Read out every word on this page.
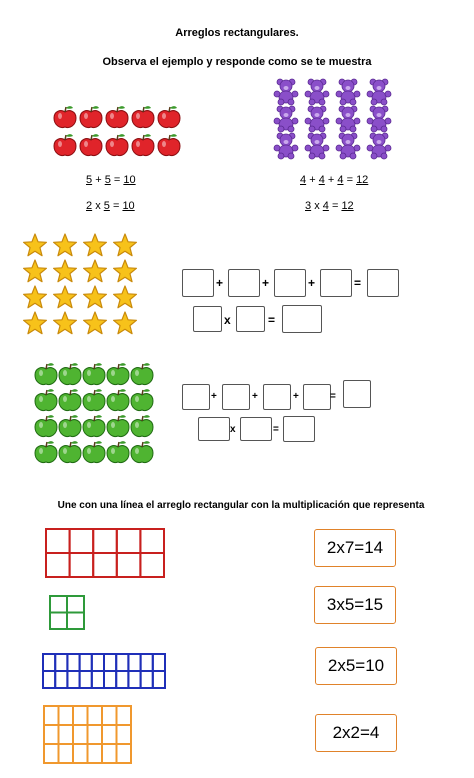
Arreglos rectangulares.
Observa el ejemplo y responde como se te muestra
5 + 5 = 10
2 x 5 = 10
4 + 4 + 4 = 12
3 x 4 = 12
+	+	+	=
x	=
+	+	+	=
x	=
Une con una línea el arreglo rectangular con la multiplicación que representa
2x7=14
3x5=15
2x5=10
2x2=4
